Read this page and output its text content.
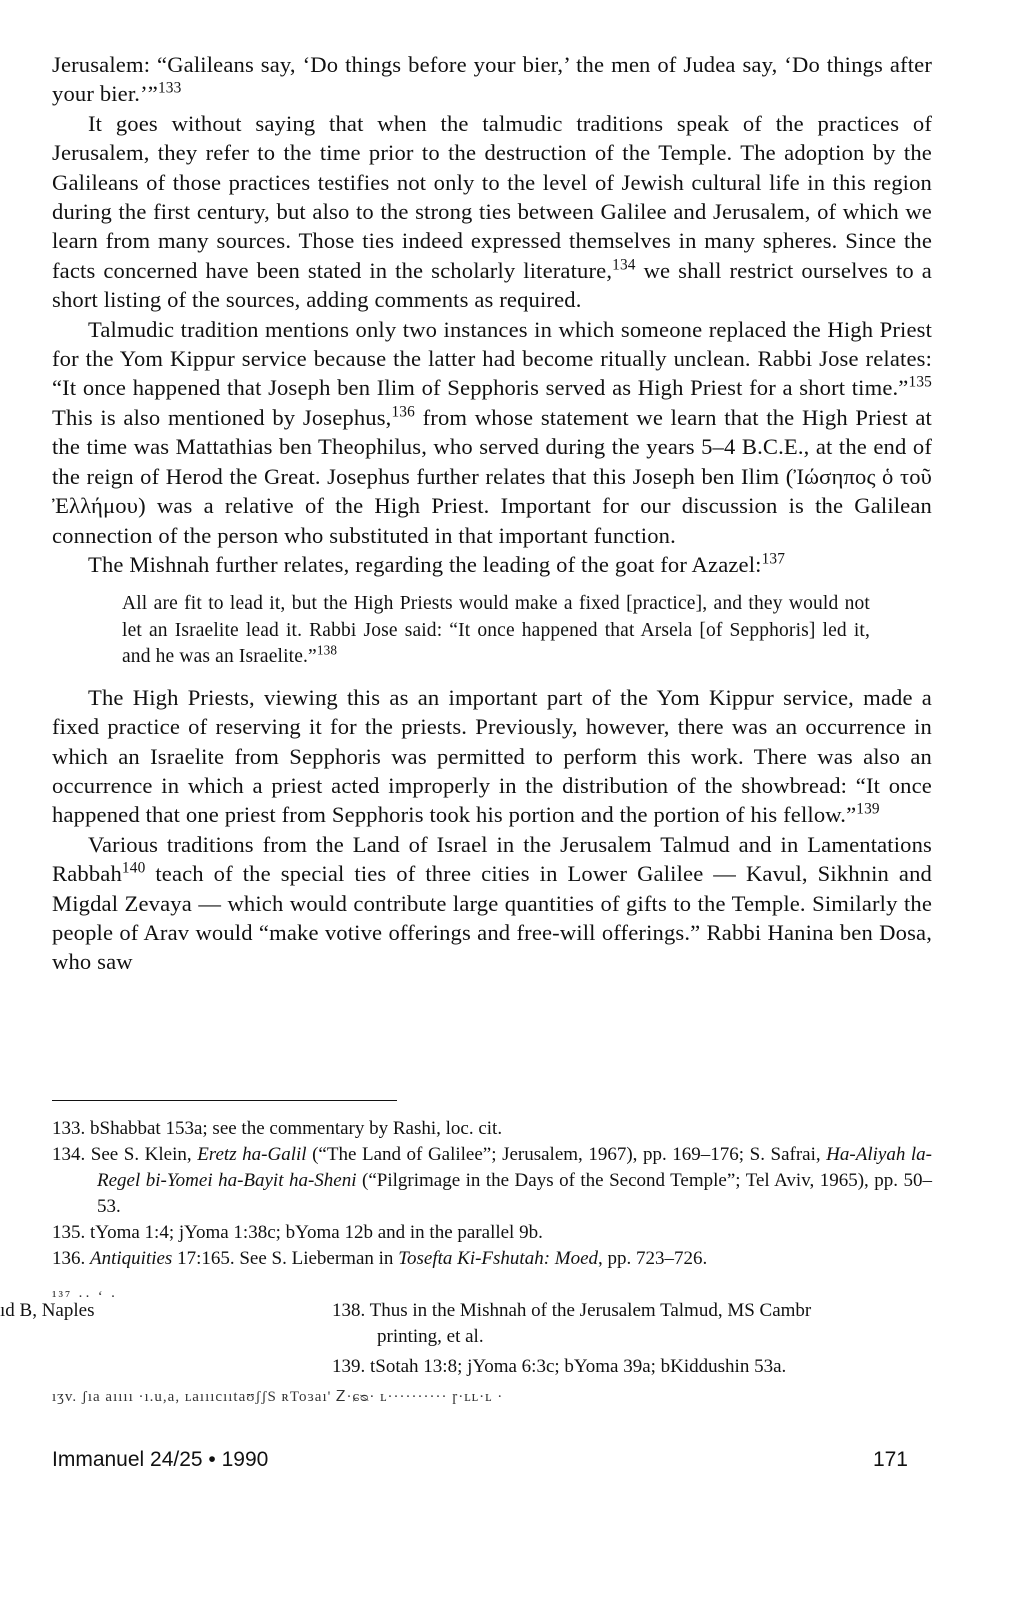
Jerusalem: “Galileans say, ‘Do things before your bier,’ the men of Judea say, ‘Do things after your bier.’”$^{133}$

It goes without saying that when the talmudic traditions speak of the practices of Jerusalem, they refer to the time prior to the destruction of the Temple. The adoption by the Galileans of those practices testifies not only to the level of Jewish cultural life in this region during the first century, but also to the strong ties between Galilee and Jerusalem, of which we learn from many sources. Those ties indeed expressed themselves in many spheres. Since the facts concerned have been stated in the scholarly literature,$^{134}$ we shall restrict ourselves to a short listing of the sources, adding comments as required.

Talmudic tradition mentions only two instances in which someone replaced the High Priest for the Yom Kippur service because the latter had become ritually unclean. Rabbi Jose relates: “It once happened that Joseph ben Ilim of Sepphoris served as High Priest for a short time.”$^{135}$ This is also mentioned by Josephus,$^{136}$ from whose statement we learn that the High Priest at the time was Mattathias ben Theophilus, who served during the years 5–4 B.C.E., at the end of the reign of Herod the Great. Josephus further relates that this Joseph ben Ilim (Ἰώσηπος ὁ τοῦ Ἐλλήμου) was a relative of the High Priest. Important for our discussion is the Galilean connection of the person who substituted in that important function.

The Mishnah further relates, regarding the leading of the goat for Azazel:$^{137}$

All are fit to lead it, but the High Priests would make a fixed [practice], and they would not let an Israelite lead it. Rabbi Jose said: “It once happened that Arsela [of Sepphoris] led it, and he was an Israelite.”$^{138}$

The High Priests, viewing this as an important part of the Yom Kippur service, made a fixed practice of reserving it for the priests. Previously, however, there was an occurrence in which an Israelite from Sepphoris was permitted to perform this work. There was also an occurrence in which a priest acted improperly in the distribution of the showbread: “It once happened that one priest from Sepphoris took his portion and the portion of his fellow.”$^{139}$

Various traditions from the Land of Israel in the Jerusalem Talmud and in Lamentations Rabbah$^{140}$ teach of the special ties of three cities in Lower Galilee — Kavul, Sikhnin and Migdal Zevaya — which would contribute large quantities of gifts to the Temple. Similarly the people of Arav would “make votive offerings and free-will offerings.” Rabbi Hanina ben Dosa, who saw

133. bShabbat 153a; see the commentary by Rashi, loc. cit.

134. See S. Klein, Eretz ha-Galil (“The Land of Galilee”; Jerusalem, 1967), pp. 169–176; S. Safrai, Ha-Aliyah la-Regel bi-Yomei ha-Bayit ha-Sheni (“Pilgrimage in the Days of the Second Temple”; Tel Aviv, 1965), pp. 50–53.

135. tYoma 1:4; jYoma 1:38c; bYoma 12b and in the parallel 9b.

136. Antiquities 17:165. See S. Lieberman in Tosefta Ki-Fshutah: Moed, pp. 723–726.

¹³⁷ ·· ‘ ·
ıd B, Naples	138. Thus in the Mishnah of the Jerusalem Talmud, MS Cambr
printing, et al.
139. tSotah 13:8; jYoma 6:3c; bYoma 39a; bKiddushin 53a.
ıʒv. ʃıa aıııı ·ı.u,a, ʟaıııcııtaʊʃʃS ʀToɜaı' Ꮓ·ɕᴓ· ʟ·········· ɼ·ʟʟ·ʟ ·
Immanuel 24/25 • 1990	171
